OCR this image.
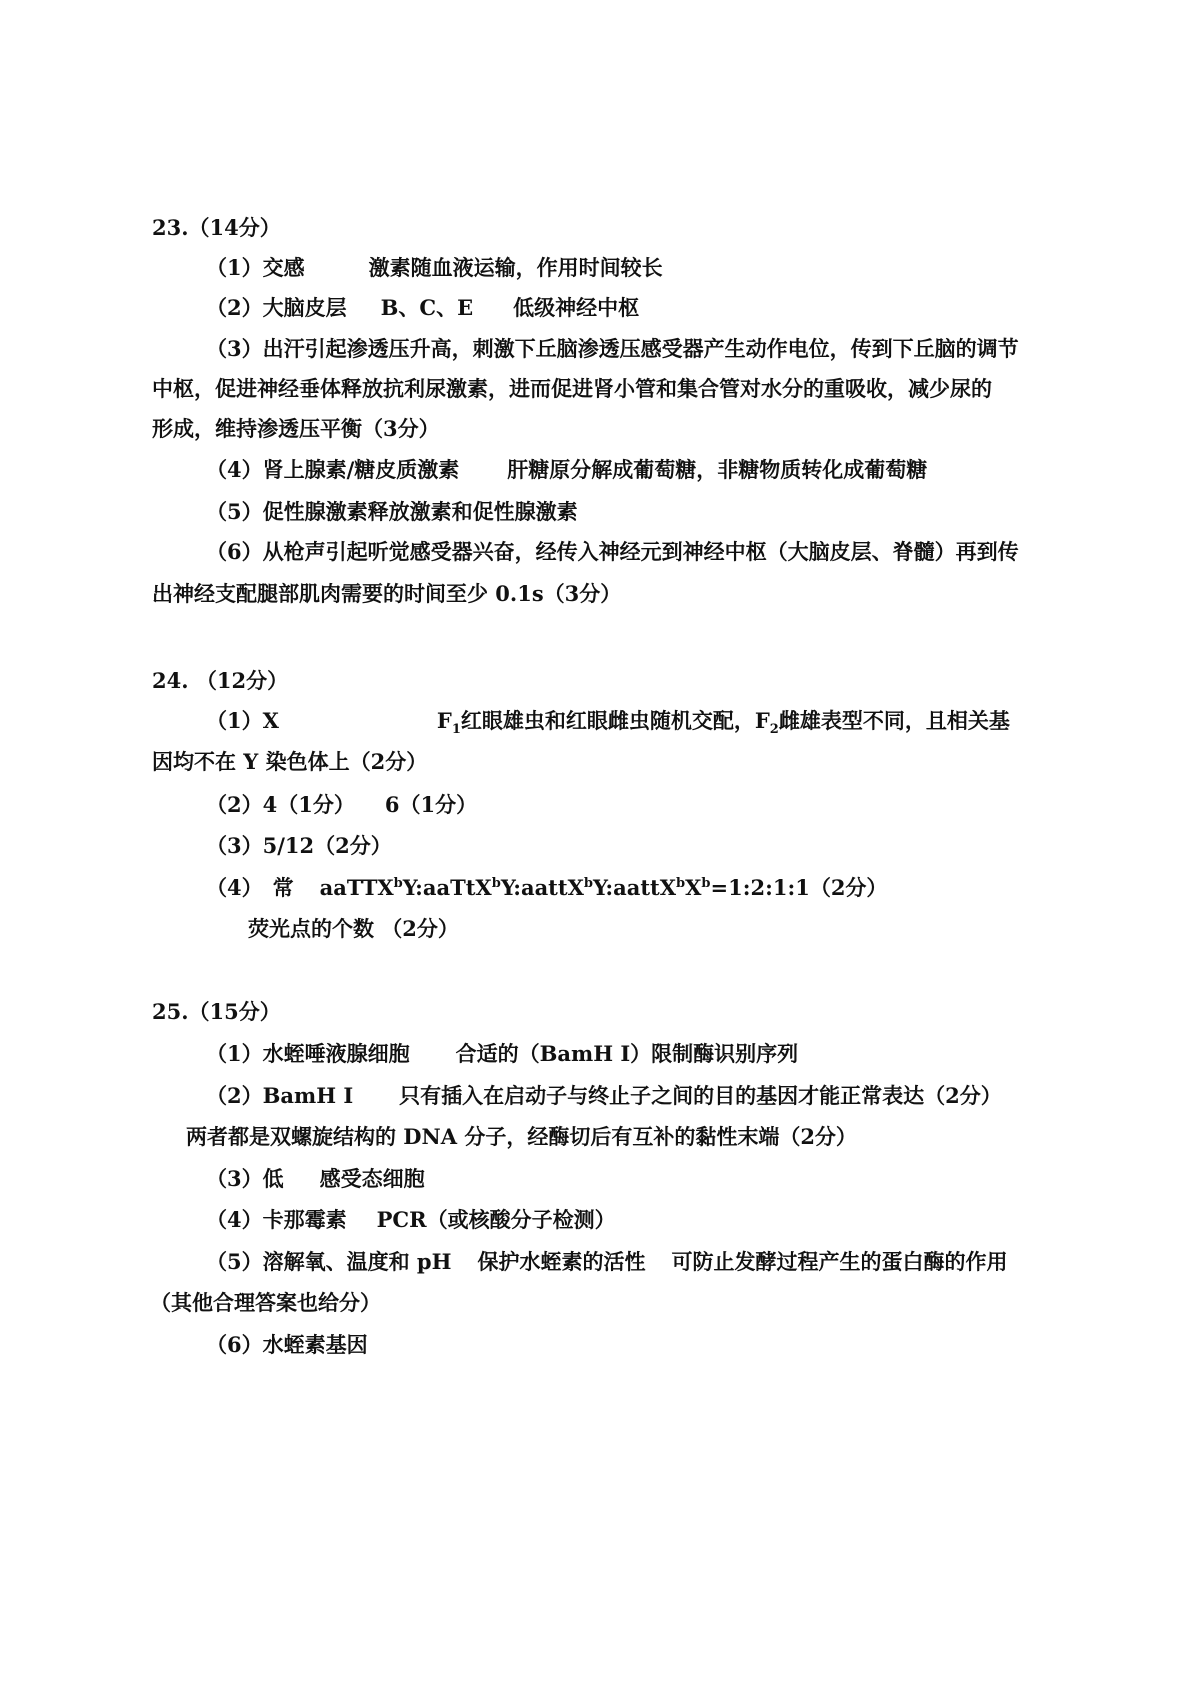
23.（14分）
（1）交感	激素随血液运输，作用时间较长
（2）大脑皮层 B、C、E 低级神经中枢
（3）出汗引起渗透压升高，刺激下丘脑渗透压感受器产生动作电位，传到下丘脑的调节
中枢，促进神经垂体释放抗利尿激素，进而促进肾小管和集合管对水分的重吸收，减少尿的
形成，维持渗透压平衡（3分）
（4）肾上腺素/糖皮质激素 肝糖原分解成葡萄糖，非糖物质转化成葡萄糖
（5）促性腺激素释放激素和促性腺激素
（6）从枪声引起听觉感受器兴奋，经传入神经元到神经中枢（大脑皮层、脊髓）再到传
出神经支配腿部肌肉需要的时间至少 0.1s（3分）
24. （12分）
（1）X	$F_1$红眼雄虫和红眼雌虫随机交配，$F_2$雌雄表型不同，且相关基
因均不在 Y 染色体上（2分）
（2）4（1分） 6（1分）
（3）5/12（2分）
（4） 常 $aaTTX^bY:aaTtX^bY:aattX^bY:aattX^bX^b=1:2:1:1(2$分）
荧光点的个数 （2分）
25.（15分）
（1）水蛭唾液腺细胞 合适的（BamH I）限制酶识别序列
（2）BamH I 只有插入在启动子与终止子之间的目的基因才能正常表达（2分）
两者都是双螺旋结构的 DNA 分子，经酶切后有互补的黏性末端（2分）
（3）低 感受态细胞
（4）卡那霉素 PCR（或核酸分子检测）
（5）溶解氧、温度和 pH 保护水蛭素的活性 可防止发酵过程产生的蛋白酶的作用
（其他合理答案也给分）
（6）水蛭素基因
